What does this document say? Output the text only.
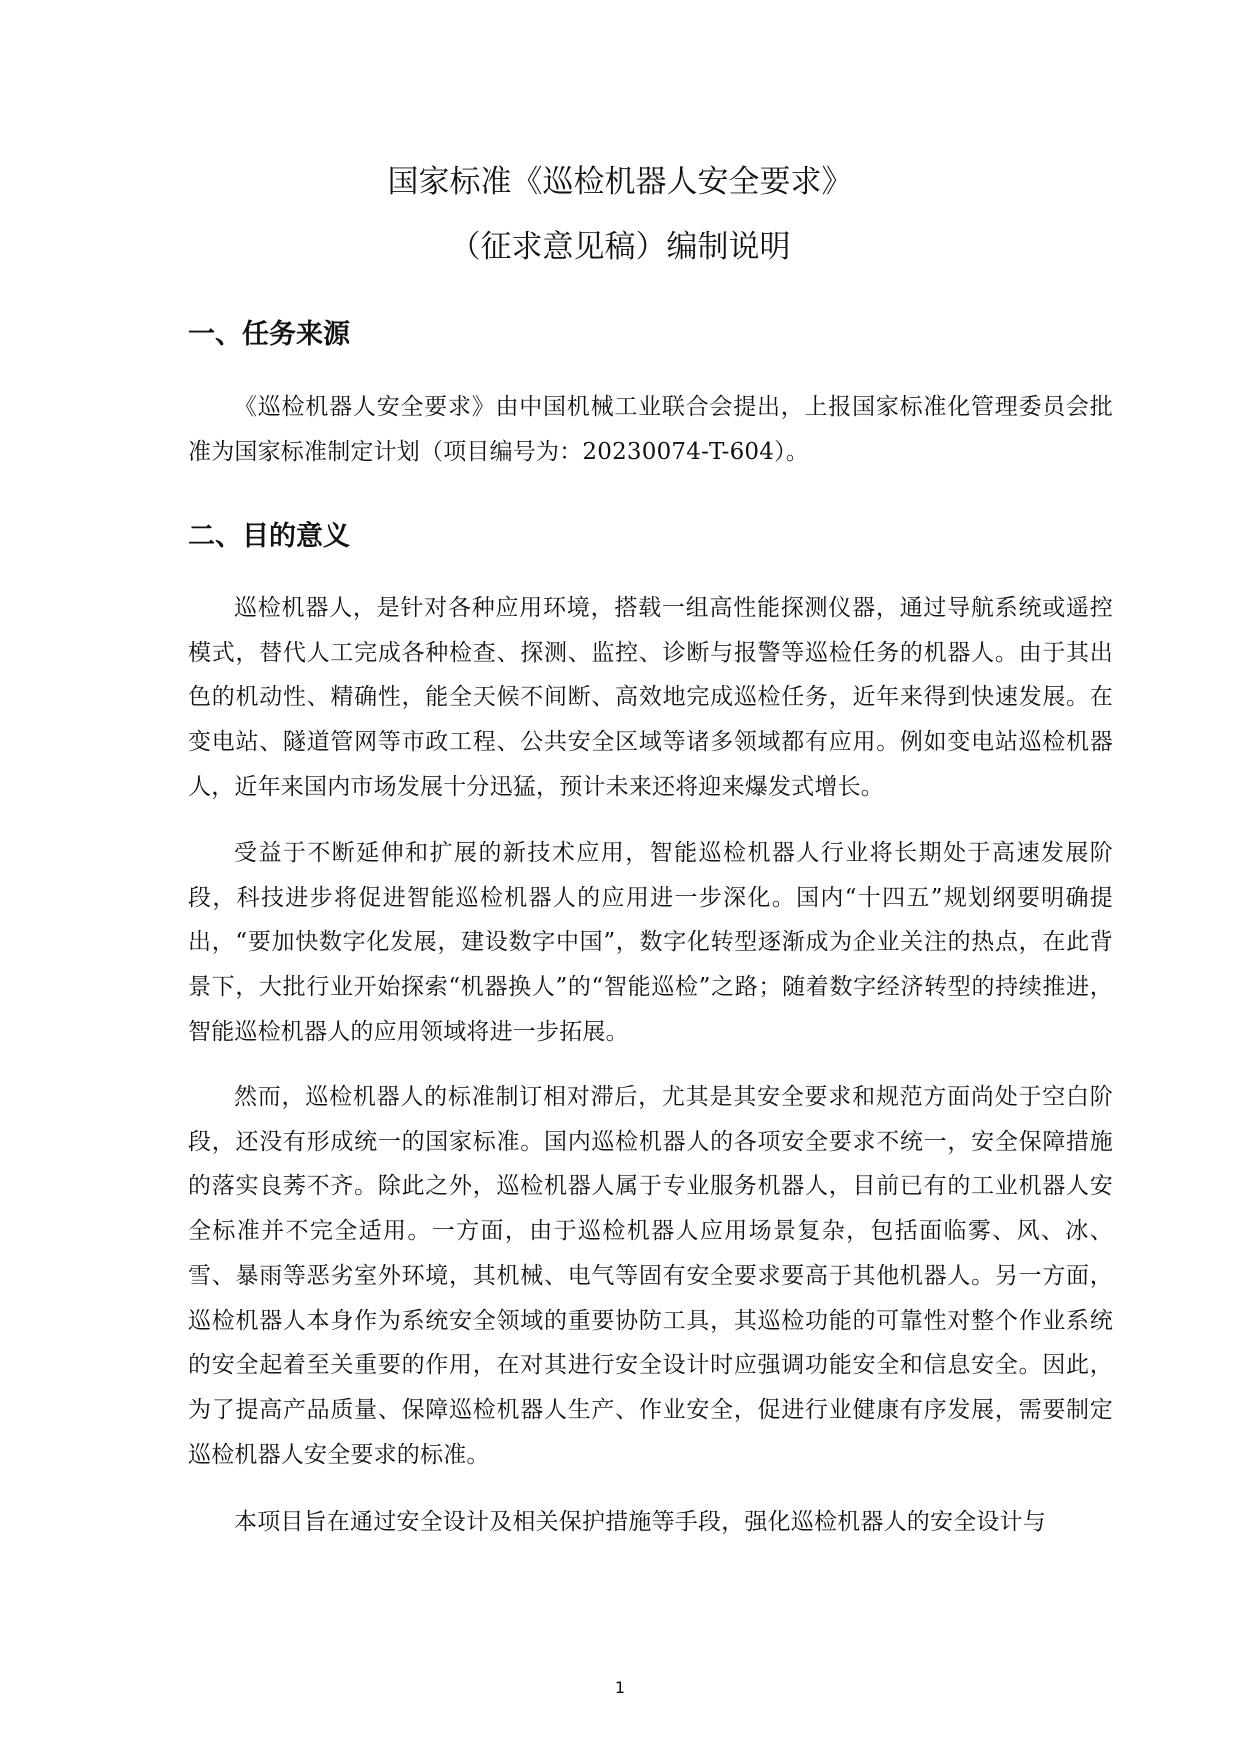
国家标准《巡检机器人安全要求》
（征求意见稿）编制说明
一、任务来源
《巡检机器人安全要求》由中国机械工业联合会提出，上报国家标准化管理委员会批准为国家标准制定计划（项目编号为：20230074-T-604）。
二、目的意义
巡检机器人，是针对各种应用环境，搭载一组高性能探测仪器，通过导航系统或遥控模式，替代人工完成各种检查、探测、监控、诊断与报警等巡检任务的机器人。由于其出色的机动性、精确性，能全天候不间断、高效地完成巡检任务，近年来得到快速发展。在变电站、隧道管网等市政工程、公共安全区域等诸多领域都有应用。例如变电站巡检机器人，近年来国内市场发展十分迅猛，预计未来还将迎来爆发式增长。
受益于不断延伸和扩展的新技术应用，智能巡检机器人行业将长期处于高速发展阶段，科技进步将促进智能巡检机器人的应用进一步深化。国内“十四五”规划纲要明确提出，“要加快数字化发展，建设数字中国”，数字化转型逐渐成为企业关注的热点，在此背景下，大批行业开始探索“机器换人”的“智能巡检”之路；随着数字经济转型的持续推进，智能巡检机器人的应用领域将进一步拓展。
然而，巡检机器人的标准制订相对滞后，尤其是其安全要求和规范方面尚处于空白阶段，还没有形成统一的国家标准。国内巡检机器人的各项安全要求不统一，安全保障措施的落实良莠不齐。除此之外，巡检机器人属于专业服务机器人，目前已有的工业机器人安全标准并不完全适用。一方面，由于巡检机器人应用场景复杂，包括面临雾、风、冰、雪、暴雨等恶劣室外环境，其机械、电气等固有安全要求要高于其他机器人。另一方面，巡检机器人本身作为系统安全领域的重要协防工具，其巡检功能的可靠性对整个作业系统的安全起着至关重要的作用，在对其进行安全设计时应强调功能安全和信息安全。因此，为了提高产品质量、保障巡检机器人生产、作业安全，促进行业健康有序发展，需要制定巡检机器人安全要求的标准。
本项目旨在通过安全设计及相关保护措施等手段，强化巡检机器人的安全设计与
1
